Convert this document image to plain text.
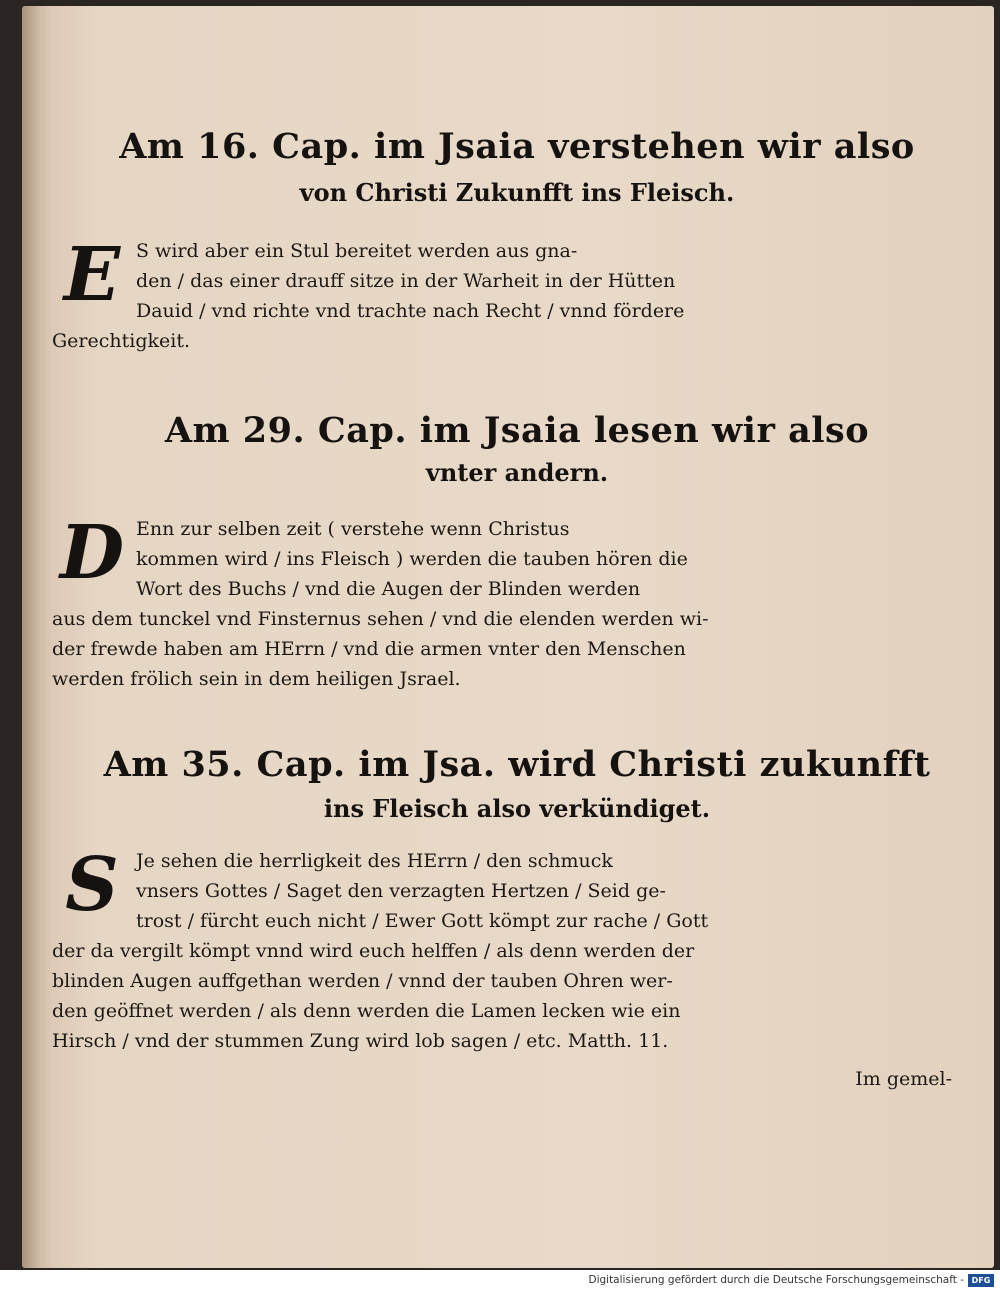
Am 16. Cap. im Jsaia verstehen wir also
von Christi Zukunfft ins Fleisch.
E S wird aber ein Stul bereitet werden aus gna-
den / das einer drauff sitze in der Warheit in der Hütten
Dauid / vnd richte vnd trachte nach Recht / vnnd fördere
Gerechtigkeit.
Am 29. Cap. im Jsaia lesen wir also
vnter andern.
D Enn zur selben zeit ( verstehe wenn Christus
kommen wird / ins Fleisch ) werden die tauben hören die
Wort des Buchs / vnd die Augen der Blinden werden
aus dem tunckel vnd Finsternus sehen / vnd die elenden werden wi-
der frewde haben am HErrn / vnd die armen vnter den Menschen
werden frölich sein in dem heiligen Jsrael.
Am 35. Cap. im Jsa. wird Christi zukunfft
ins Fleisch also verkündiget.
S Je sehen die herrligkeit des HErrn / den schmuck
vnsers Gottes / Saget den verzagten Hertzen / Seid ge-
trost / fürcht euch nicht / Ewer Gott kömpt zur rache / Gott
der da vergilt kömpt vnnd wird euch helffen / als denn werden der
blinden Augen auffgethan werden / vnnd der tauben Ohren wer-
den geöffnet werden / als denn werden die Lamen lecken wie ein
Hirsch / vnd der stummen Zung wird lob sagen / etc. Matth. 11.
Im gemel-
Digitalisierung gefördert durch die Deutsche Forschungsgemeinschaft - DFG
